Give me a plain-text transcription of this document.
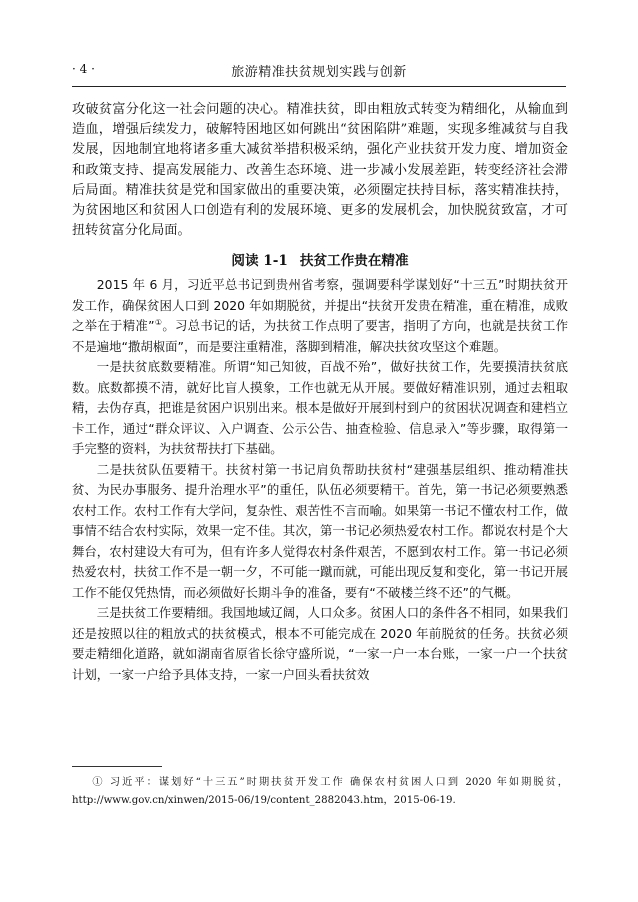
· 4 ·	旅游精准扶贫规划实践与创新

攻破贫富分化这一社会问题的决心。精准扶贫，即由粗放式转变为精细化，从输血到造血，增强后续发力，破解特困地区如何跳出“贫困陷阱”难题，实现多维减贫与自我发展，因地制宜地将诸多重大减贫举措积极采纳，强化产业扶贫开发力度、增加资金和政策支持、提高发展能力、改善生态环境、进一步减小发展差距，转变经济社会滞后局面。精准扶贫是党和国家做出的重要决策，必须圈定扶持目标，落实精准扶持，为贫困地区和贫困人口创造有利的发展环境、更多的发展机会，加快脱贫致富，才可扭转贫富分化局面。

阅读 1-1 扶贫工作贵在精准

2015 年 6 月，习近平总书记到贵州省考察，强调要科学谋划好“十三五”时期扶贫开发工作，确保贫困人口到 2020 年如期脱贫，并提出“扶贫开发贵在精准，重在精准，成败之举在于精准”①。习总书记的话，为扶贫工作点明了要害，指明了方向，也就是扶贫工作不是遍地“撒胡椒面”，而是要注重精准，落脚到精准，解决扶贫攻坚这个难题。

一是扶贫底数要精准。所谓“知己知彼，百战不殆”，做好扶贫工作，先要摸清扶贫底数。底数都摸不清，就好比盲人摸象，工作也就无从开展。要做好精准识别，通过去粗取精，去伪存真，把谁是贫困户识别出来。根本是做好开展到村到户的贫困状况调查和建档立卡工作，通过“群众评议、入户调查、公示公告、抽查检验、信息录入”等步骤，取得第一手完整的资料，为扶贫帮扶打下基础。

二是扶贫队伍要精干。扶贫村第一书记肩负帮助扶贫村“建强基层组织、推动精准扶贫、为民办事服务、提升治理水平”的重任，队伍必须要精干。首先，第一书记必须要熟悉农村工作。农村工作有大学问，复杂性、艰苦性不言而喻。如果第一书记不懂农村工作，做事情不结合农村实际，效果一定不佳。其次，第一书记必须热爱农村工作。都说农村是个大舞台，农村建设大有可为，但有许多人觉得农村条件艰苦，不愿到农村工作。第一书记必须热爱农村，扶贫工作不是一朝一夕，不可能一蹴而就，可能出现反复和变化，第一书记开展工作不能仅凭热情，而必须做好长期斗争的准备，要有“不破楼兰终不还”的气概。

三是扶贫工作要精细。我国地域辽阔，人口众多。贫困人口的条件各不相同，如果我们还是按照以往的粗放式的扶贫模式，根本不可能完成在 2020 年前脱贫的任务。扶贫必须要走精细化道路，就如湖南省原省长徐守盛所说，“一家一户一本台账，一家一户一个扶贫计划，一家一户给予具体支持，一家一户回头看扶贫效

① 习近平：谋划好“十三五”时期扶贫开发工作 确保农村贫困人口到 2020 年如期脱贫，http://www.gov.cn/xinwen/2015-06/19/content_2882043.htm，2015-06-19.
